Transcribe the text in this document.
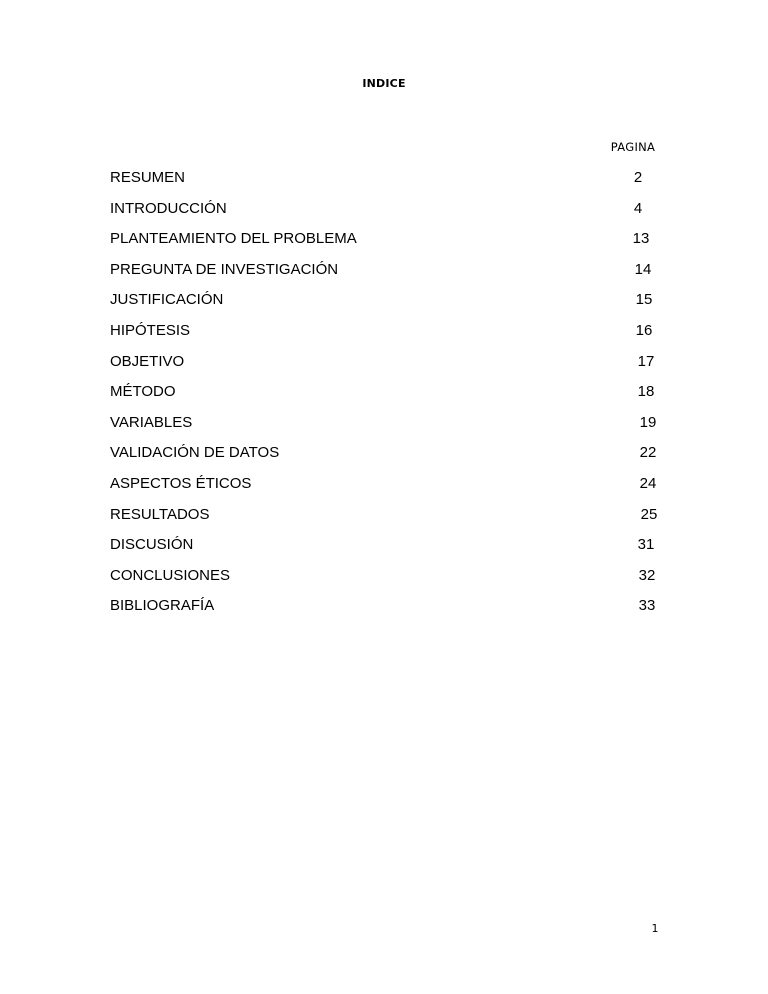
INDICE
PAGINA
RESUMEN	2
INTRODUCCIÓN	4
PLANTEAMIENTO DEL PROBLEMA	13
PREGUNTA DE INVESTIGACIÓN	14
JUSTIFICACIÓN	15
HIPÓTESIS	16
OBJETIVO	17
MÉTODO	18
VARIABLES	19
VALIDACIÓN DE DATOS	22
ASPECTOS ÉTICOS	24
RESULTADOS	25
DISCUSIÓN	31
CONCLUSIONES	32
BIBLIOGRAFÍA	33
1
